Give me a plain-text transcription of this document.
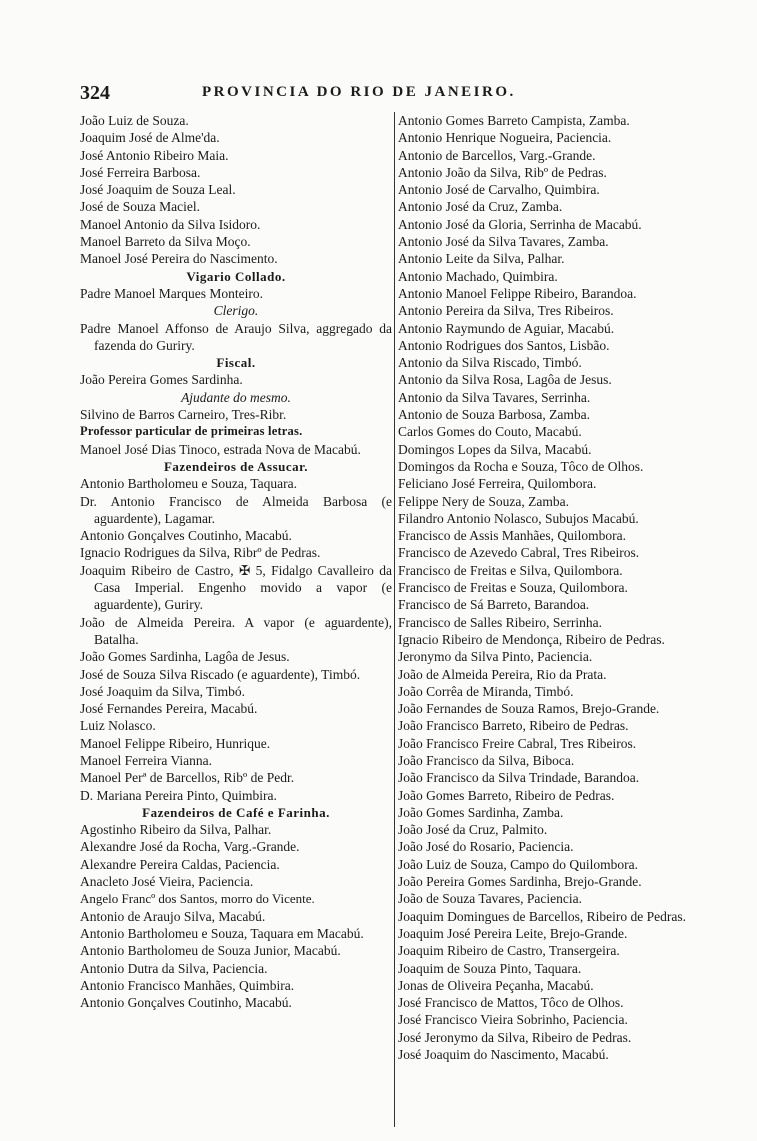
324	PROVINCIA DO RIO DE JANEIRO.
João Luiz de Souza.
Joaquim José de Alme'da.
José Antonio Ribeiro Maia.
José Ferreira Barbosa.
José Joaquim de Souza Leal.
José de Souza Maciel.
Manoel Antonio da Silva Isidoro.
Manoel Barreto da Silva Moço.
Manoel José Pereira do Nascimento.
Vigario Collado.
Padre Manoel Marques Monteiro.
Clerigo.
Padre Manoel Affonso de Araujo Silva, aggregado da fazenda do Guriry.
Fiscal.
João Pereira Gomes Sardinha.
Ajudante do mesmo.
Silvino de Barros Carneiro, Tres-Ribr.
Professor particular de primeiras letras.
Manoel José Dias Tinoco, estrada Nova de Macabú.
Fazendeiros de Assucar.
Antonio Bartholomeu e Souza, Taquara.
Dr. Antonio Francisco de Almeida Barbosa (e aguardente), Lagamar.
Antonio Gonçalves Coutinho, Macabú.
Ignacio Rodrigues da Silva, Ribrº de Pedras.
Joaquim Ribeiro de Castro, ✠ 5, Fidalgo Cavalleiro da Casa Imperial. Engenho movido a vapor (e aguardente), Guriry.
João de Almeida Pereira. A vapor (e aguardente), Batalha.
João Gomes Sardinha, Lagôa de Jesus.
José de Souza Silva Riscado (e aguardente), Timbó.
José Joaquim da Silva, Timbó.
José Fernandes Pereira, Macabú.
Luiz Nolasco.
Manoel Felippe Ribeiro, Hunrique.
Manoel Ferreira Vianna.
Manoel Perª de Barcellos, Ribº de Pedr.
D. Mariana Pereira Pinto, Quimbira.
Fazendeiros de Café e Farinha.
Agostinho Ribeiro da Silva, Palhar.
Alexandre José da Rocha, Varg.-Grande.
Alexandre Pereira Caldas, Paciencia.
Anacleto José Vieira, Paciencia.
Angelo Francº dos Santos, morro do Vicente.
Antonio de Araujo Silva, Macabú.
Antonio Bartholomeu e Souza, Taquara em Macabú.
Antonio Bartholomeu de Souza Junior, Macabú.
Antonio Dutra da Silva, Paciencia.
Antonio Francisco Manhães, Quimbira.
Antonio Gonçalves Coutinho, Macabú.
Antonio Gomes Barreto Campista, Zamba.
Antonio Henrique Nogueira, Paciencia.
Antonio de Barcellos, Varg.-Grande.
Antonio João da Silva, Ribº de Pedras.
Antonio José de Carvalho, Quimbira.
Antonio José da Cruz, Zamba.
Antonio José da Gloria, Serrinha de Macabú.
Antonio José da Silva Tavares, Zamba.
Antonio Leite da Silva, Palhar.
Antonio Machado, Quimbira.
Antonio Manoel Felippe Ribeiro, Barandoa.
Antonio Pereira da Silva, Tres Ribeiros.
Antonio Raymundo de Aguiar, Macabú.
Antonio Rodrigues dos Santos, Lisbão.
Antonio da Silva Riscado, Timbó.
Antonio da Silva Rosa, Lagôa de Jesus.
Antonio da Silva Tavares, Serrinha.
Antonio de Souza Barbosa, Zamba.
Carlos Gomes do Couto, Macabú.
Domingos Lopes da Silva, Macabú.
Domingos da Rocha e Souza, Tôco de Olhos.
Feliciano José Ferreira, Quilombora.
Felippe Nery de Souza, Zamba.
Filandro Antonio Nolasco, Subujos Macabú.
Francisco de Assis Manhães, Quilombora.
Francisco de Azevedo Cabral, Tres Ribeiros.
Francisco de Freitas e Silva, Quilombora.
Francisco de Freitas e Souza, Quilombora.
Francisco de Sá Barreto, Barandoa.
Francisco de Salles Ribeiro, Serrinha.
Ignacio Ribeiro de Mendonça, Ribeiro de Pedras.
Jeronymo da Silva Pinto, Paciencia.
João de Almeida Pereira, Rio da Prata.
João Corrêa de Miranda, Timbó.
João Fernandes de Souza Ramos, Brejo-Grande.
João Francisco Barreto, Ribeiro de Pedras.
João Francisco Freire Cabral, Tres Ribeiros.
João Francisco da Silva, Biboca.
João Francisco da Silva Trindade, Barandoa.
João Gomes Barreto, Ribeiro de Pedras.
João Gomes Sardinha, Zamba.
João José da Cruz, Palmito.
João José do Rosario, Paciencia.
João Luiz de Souza, Campo do Quilombora.
João Pereira Gomes Sardinha, Brejo-Grande.
João de Souza Tavares, Paciencia.
Joaquim Domingues de Barcellos, Ribeiro de Pedras.
Joaquim José Pereira Leite, Brejo-Grande.
Joaquim Ribeiro de Castro, Transergeira.
Joaquim de Souza Pinto, Taquara.
Jonas de Oliveira Peçanha, Macabú.
José Francisco de Mattos, Tôco de Olhos.
José Francisco Vieira Sobrinho, Paciencia.
José Jeronymo da Silva, Ribeiro de Pedras.
José Joaquim do Nascimento, Macabú.
